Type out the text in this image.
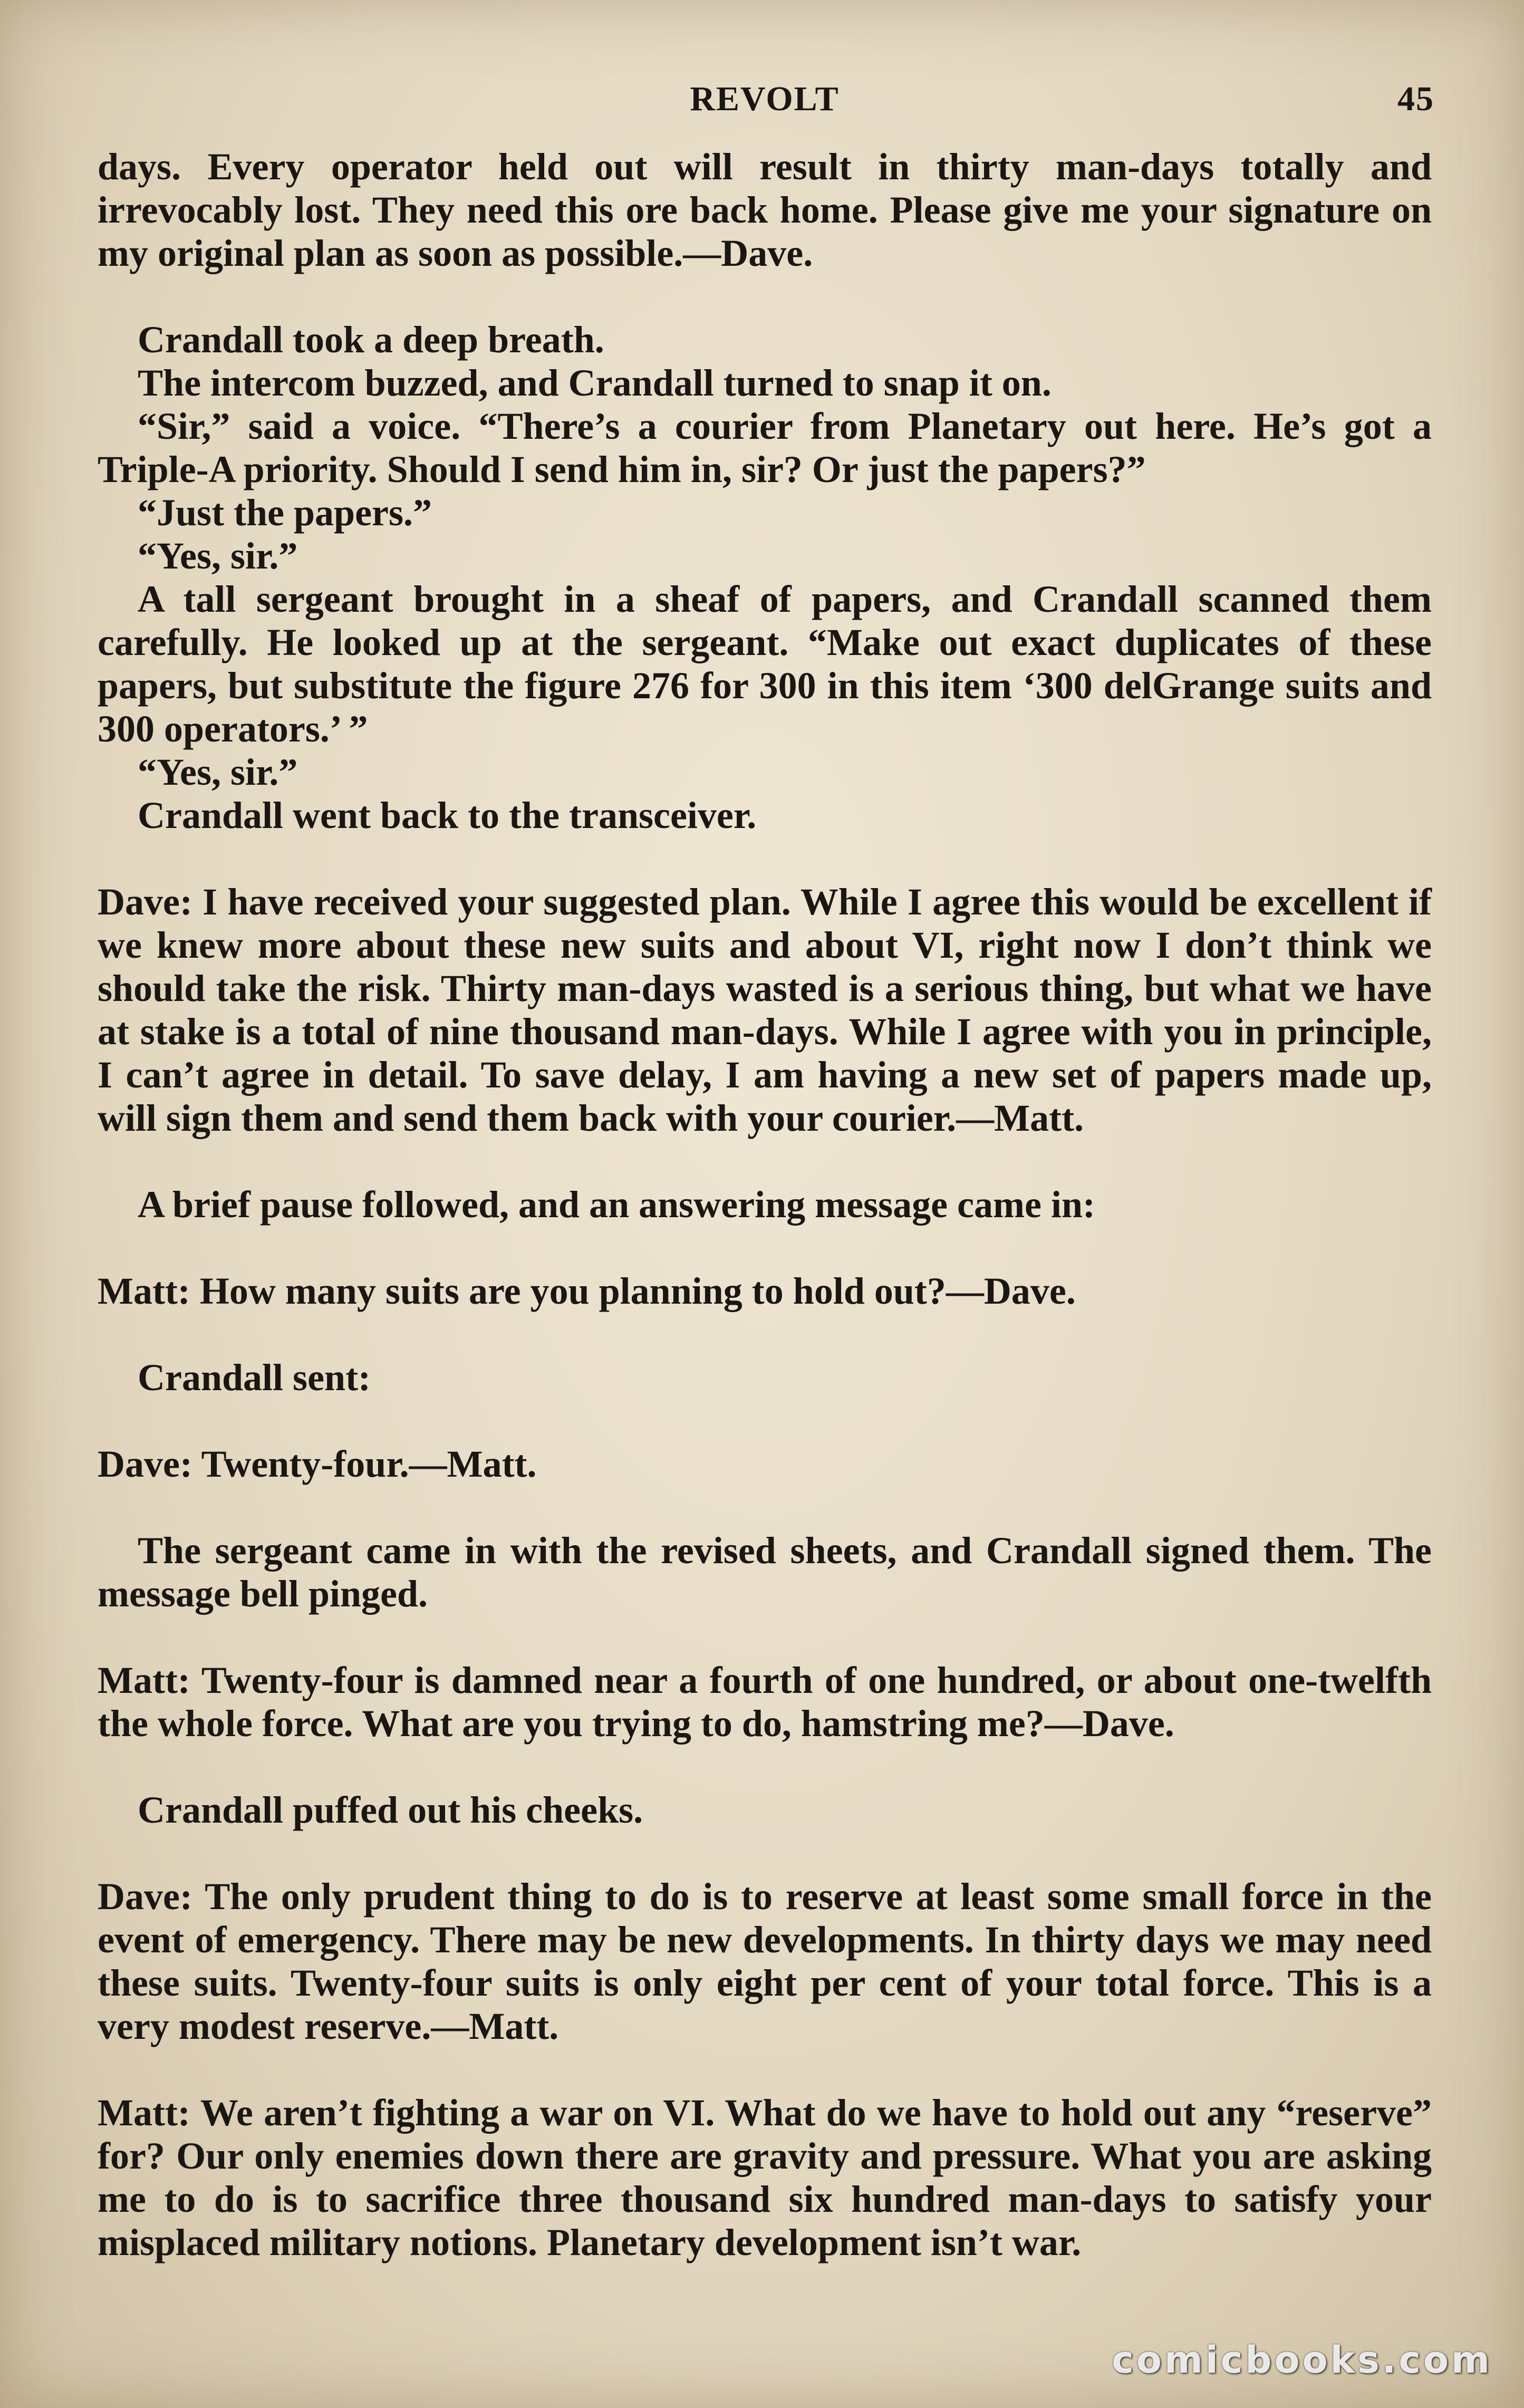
REVOLT	45

days. Every operator held out will result in thirty man-days totally and irrevocably lost. They need this ore back home. Please give me your signature on my original plan as soon as possible.—Dave.

Crandall took a deep breath.

The intercom buzzed, and Crandall turned to snap it on.

“Sir,” said a voice. “There’s a courier from Planetary out here. He’s got a Triple-A priority. Should I send him in, sir? Or just the papers?”

“Just the papers.”

“Yes, sir.”

A tall sergeant brought in a sheaf of papers, and Crandall scanned them carefully. He looked up at the sergeant. “Make out exact duplicates of these papers, but substitute the figure 276 for 300 in this item ‘300 delGrange suits and 300 operators.’ ”

“Yes, sir.”

Crandall went back to the transceiver.

Dave: I have received your suggested plan. While I agree this would be excellent if we knew more about these new suits and about VI, right now I don’t think we should take the risk. Thirty man-days wasted is a serious thing, but what we have at stake is a total of nine thousand man-days. While I agree with you in principle, I can’t agree in detail. To save delay, I am having a new set of papers made up, will sign them and send them back with your courier.—Matt.

A brief pause followed, and an answering message came in:

Matt: How many suits are you planning to hold out?—Dave.

Crandall sent:

Dave: Twenty-four.—Matt.

The sergeant came in with the revised sheets, and Crandall signed them. The message bell pinged.

Matt: Twenty-four is damned near a fourth of one hundred, or about one-twelfth the whole force. What are you trying to do, hamstring me?—Dave.

Crandall puffed out his cheeks.

Dave: The only prudent thing to do is to reserve at least some small force in the event of emergency. There may be new developments. In thirty days we may need these suits. Twenty-four suits is only eight per cent of your total force. This is a very modest reserve.—Matt.

Matt: We aren’t fighting a war on VI. What do we have to hold out any “reserve” for? Our only enemies down there are gravity and pressure. What you are asking me to do is to sacrifice three thousand six hundred man-days to satisfy your misplaced military notions. Planetary development isn’t war.

comicbooks.com
